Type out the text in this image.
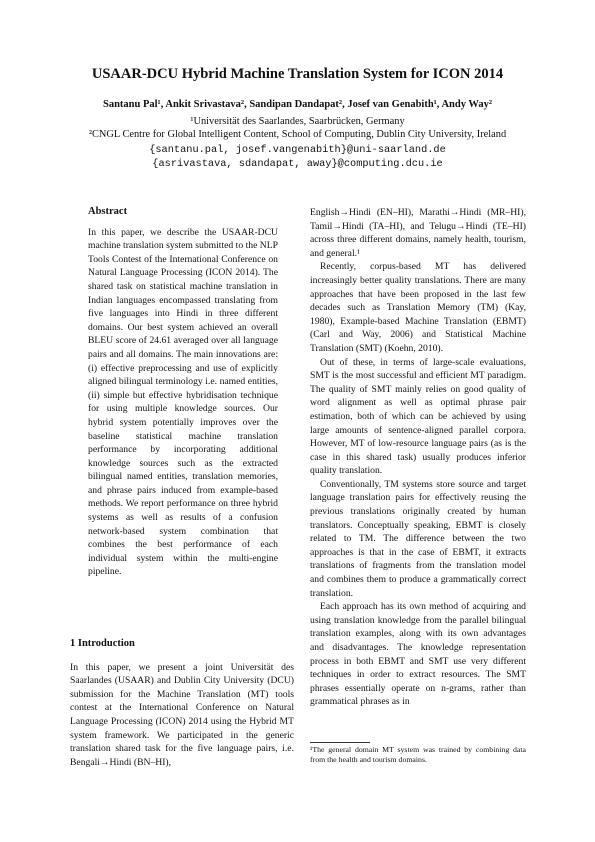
USAAR-DCU Hybrid Machine Translation System for ICON 2014
Santanu Pal¹, Ankit Srivastava², Sandipan Dandapat², Josef van Genabith¹, Andy Way²
¹Universität des Saarlandes, Saarbrücken, Germany
²CNGL Centre for Global Intelligent Content, School of Computing, Dublin City University, Ireland
{santanu.pal, josef.vangenabith}@uni-saarland.de
{asrivastava, sdandapat, away}@computing.dcu.ie

Abstract

In this paper, we describe the USAAR-DCU machine translation system submitted to the NLP Tools Contest of the International Conference on Natural Language Processing (ICON 2014). The shared task on statistical machine translation in Indian languages encompassed translating from five languages into Hindi in three different domains. Our best system achieved an overall BLEU score of 24.61 averaged over all language pairs and all domains. The main innovations are: (i) effective preprocessing and use of explicitly aligned bilingual terminology i.e. named entities, (ii) simple but effective hybridisation technique for using multiple knowledge sources. Our hybrid system potentially improves over the baseline statistical machine translation performance by incorporating additional knowledge sources such as the extracted bilingual named entities, translation memories, and phrase pairs induced from example-based methods. We report performance on three hybrid systems as well as results of a confusion network-based system combination that combines the best performance of each individual system within the multi-engine pipeline.

1 Introduction

In this paper, we present a joint Universität des Saarlandes (USAAR) and Dublin City University (DCU) submission for the Machine Translation (MT) tools contest at the International Conference on Natural Language Processing (ICON) 2014 using the Hybrid MT system framework. We participated in the generic translation shared task for the five language pairs, i.e. Bengali→Hindi (BN–HI),

English→Hindi (EN–HI), Marathi→Hindi (MR–HI), Tamil→Hindi (TA–HI), and Telugu→Hindi (TE–HI) across three different domains, namely health, tourism, and general.¹

Recently, corpus-based MT has delivered increasingly better quality translations. There are many approaches that have been proposed in the last few decades such as Translation Memory (TM) (Kay, 1980), Example-based Machine Translation (EBMT) (Carl and Way, 2006) and Statistical Machine Translation (SMT) (Koehn, 2010).

Out of these, in terms of large-scale evaluations, SMT is the most successful and efficient MT paradigm. The quality of SMT mainly relies on good quality of word alignment as well as optimal phrase pair estimation, both of which can be achieved by using large amounts of sentence-aligned parallel corpora. However, MT of low-resource language pairs (as is the case in this shared task) usually produces inferior quality translation.

Conventionally, TM systems store source and target language translation pairs for effectively reusing the previous translations originally created by human translators. Conceptually speaking, EBMT is closely related to TM. The difference between the two approaches is that in the case of EBMT, it extracts translations of fragments from the translation model and combines them to produce a grammatically correct translation.

Each approach has its own method of acquiring and using translation knowledge from the parallel bilingual translation examples, along with its own advantages and disadvantages. The knowledge representation process in both EBMT and SMT use very different techniques in order to extract resources. The SMT phrases essentially operate on n-grams, rather than grammatical phrases as in

¹The general domain MT system was trained by combining data from the health and tourism domains.
